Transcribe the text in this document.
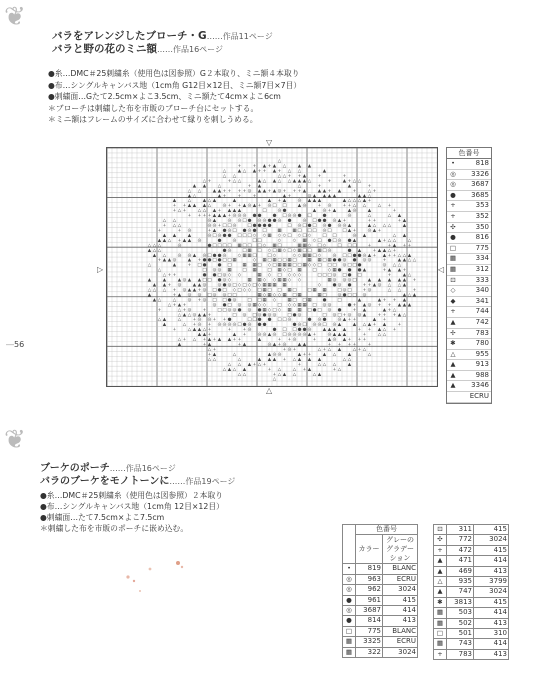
❦
❦
バラをアレンジしたブローチ・G……作品11ページ
バラと野の花のミニ額……作品16ページ
●糸…DMC＃25刺繍糸（使用色は図参照）G２本取り、ミニ額４本取り
●布…シングルキャンバス地（1cm角 G12目×12目、ミニ額7目×7目）
●刺繍面…Gたて2.5cm×よこ3.5cm、ミニ額たて4cm×よこ6cm
＊ブローチは刺繍した布を市販のブローチ台にセットする。
＊ミニ額はフレームのサイズに合わせて縁りを刺しうめる。
―56
▽
△
▷	◁
△
+	+ ▲ + ▲ △	▲ ▲
△	▲ △ ▲ + + ▲ + △ △	▲
△ △	△ △ + + ▲	+	+
△ +	+ △ △	▲ △ ▲ △ △ ▲ ▲ ▲ △	+	▲ + △ △
▲ ▲	△	+ ▲	△	+	▲	+
△ △	▲ ▲ + + + + ◎ ▲ ▲ + ▲ ◎ + + + ▲	▲ ▲ + ▲	+	△ +
▲ △	▲ +	+	+	▲ +	◎ ▲ ▲ ▲ ▲	▲ ▲ △
▲	△	▲ △ ▲	▲	▲ + ▲	◎ ▲ ▲ ▲	▲ △ △ △ ▲ +
+ + ▲ ▲ ▲ △	◎ + + ▲ ◎ ▲ + ◎ □ □	▲ ◎	+ ◎	+ + △ △	△ +
+ △ +	△ △ ▲ + ▲ ▲ ▲	□	◎ ●	▲ ◎ + ▲	▲ ◎	▲	+
+ + + + ▲ ▲ ▲ + ◎ ◎ ◎ ● ●	● □ ◎ ◎ ● □	●	◎	△	△ ▲
△ △	◎ ▲	◎ ◎ □ ● ◎ ◎ ● ● ◎ ●	◎ □ ● ● ◎ ▲ +	+ +	+ ▲
+ △ △	◎ ◎ + □ □ ◎	□ ● ● ● ●	□ ◎ □ ● □ ◎ ● ◎ ◎ ▲	▲ △ △ △	▲
+	+ ◎	+ ▲ ● ◎ □ ● ◎ ● □ ▦ ▦ □ □ □ ◎ □ □ ▲ +	◎ ▲ +
▲ ▲	▲	◎ □ ◎ ● ● □ □ □ ◇ ◇ ▦ ◇ ◇ □ ◇ □ ◇	□ □	◎ ▲	△ ▲
▲ ▲ △ + ▲ ▲ ◎	●	◎	□ □	◇	◇ ▦ ◇ □ ● □ ◎ ● ▲	▲ + △ △	△
△ △ △	◎	● □ □ □ □ ▦ □ □ □ ◇ ▦ □	▦ ▦ ◇ □ ◇	□ □ □	+	+ ▲ + +
▲ △ △	● ◎	□ ▦ □ ◇ □ ▦ ◇ □ ◇ ▦ □ □ ▦ □ ◎	● ▲	+ ▲ ▲ △ +
▲ △	◎ ◎ ▲ ◎ □ ● ● ◎	◇ ▦ ▦ □ □ ◇	◇ ◇ ▦ ▦ □ ◇	◎ □ □ ● ● ◎ ▲ + ▲ + + △ △ ▲
+ ▲ ▲ ◎	▲ + ● ● □ ● □ □ ▦	◇ ▦ □ ▦ □ □ ▦ □ ▦ ▦ □ ▦ ● ● ◎ ● ◎ ◎	+	▲ ▲ △ △
△	▲	+ □ ●	● □ ▦ ▦ □ ◇ □ ▦ ▦ ▦ □ □ ▦ ◇ ◇ □ □ □ ◎ □ □ ●	◎ △ △
△	□ ◎ ◎ ▦ □ ▦ □ ▦ ◇ □ ▦ □	◇ ▦ ● ● ● ▲	+ ▲ ▲ +
△ + +	● ● □ ◎ ◇ ◇	▦ ◇ □ ◇ ◇ ◇	□ □ □ ◎ □ ● □	+	▲ △
▲	▲	▲ ◎ ▲ ▲ □ □ ● ◎ ◇	▦ ▦ ◇ ◇ ▦ ▦ ◇ ◇	▦ ◎ ◎ ◎ □	▲ ▲ ▲ ▲ ▲ +
▲ ▲ + ◎	▲ ▲ ◎	◎ ● ◎ □ ◇ □ ◇ □ ◇ ▦ ▦ ▦ ▦	◇	● ◎ ●	+ + ▲ ◎ △ △ ▲
△ △ △ + ◎ ▲ ▲ + ◎ □ ● □ ◇ □ ◇ ◇ □ ▦ □ □ ▦ □ □ ▦ ▦ □ ◎ □	+ ◎	△ △	+
▲	+ ▲ ◎ ◎ □ ◎ ◎ □ □	▦ ◇ ▦ ◇ ◇ ▦ □ ▦	▦ □	◎ ● □ □ ◎	▲ △ ▲
▲ △	△	◎ + ◎ □ □ ● ◎	□ □ ▦ ◇	▦ □ □ ▦	●	□	▲	▲ + + ▲
△ + ▲ +	◎ ● □ ◎ ◎ ▦ ◇ ◇	□ ◇ ◇ ▦ ▦ □ ◎ ◎	● + ▲ ◎ + + ▲ ▲ ▲
+	△ + ◎	+	□ □ ◎ ◎ ● ◎ ● ▦ ◇ □ ◇ ▦ ▦ □ ● □ ◎ ●	+ ▲	▲ + △
△ ▲ △ ◎ ▲ ▲ +	□ ◎ □ ◎ ● ◎ ◎	□ ● ◎	□ ◎ □ + ◎ ◎ ▲	+ + + ▲ △
△ ▲	△	+ ◎ ◎ + + ●	□ □ ● ● □ □ ◎	● ◎ ●	◎ ▲ + +	▲ +
▲	△ + ◎ + ◎ ◎ ◎ ◎ □ ● ◎ ● ●	● ◎ □ ◎ ◎ □ ◎ ▲	▲ △ ▲ + ▲	+
+	△ ▲ ▲ △ +	+	+ ◎	● □ □ ● ● ◎	▲ ▲ ▲ ▲	+ + ▲ △ +
▲ ▲ +	▲ +	◎ ◎ ▲ ◎ □ ◎ ◎ ◎ ◎ ▲ +	◎ ▲ ▲ ▲	+	△ △
△ + △ + ▲ + ▲ ▲ + +	▲	+ + ◎	+	▲ ◎ ▲ + + +
▲	+ ▲	+ ▲	◎ ▲ + ◎	▲ ▲	+ + + +	+
△ +	+ ◎ +	△ + △ ▲	△ + △
+ ▲	△	▲ ◎ ◎	▲ + +	▲ △	▲	△
△ △	△	▲ ▲ ▲ + △ ▲ ▲ ▲	△ △
△ △ ▲ + △ +	+	△ △ △	▲
△ ▲ △ ▲	+ △	△ + ▲	+ △
△ △	+ △ ▲ △	△ ▲
△
色番号
•	818
◎	3326
◎	3687
●	3685
+	353
+	352
✣	350
●	816
□	775
▦	334
▦	312
⊡	333
◇	340
◆	341
+	744
▲	742
✢	783
✱	780
△	955
▲	913
▲	988
▲	3346
ECRU
ブーケのポーチ……作品16ページ
バラのブーケをモノトーンに……作品19ページ
●糸…DMC＃25刺繍糸（使用色は図参照）２本取り
●布…シングルキャンバス地（1cm角 12目×12目）
●刺繍面…たて7.5cm×よこ7.5cm
＊刺繍した布を市販のポーチに嵌め込む。
		色番号	
	カラー	グレーのグラデーション
•	819	BLANC
◎	963	ECRU
◎	962	3024
●	961	415
◎	3687	414
●	814	413
□	775	BLANC
▦	3325	ECRU
▦	322	3024
⊡	311	415
✣	772	3024
+	472	415
▲	471	414
▲	469	413
△	935	3799
▲	747	3024
✱	3813	415
▦	503	414
▦	502	413
□	501	310
▦	743	414
+	783	413
